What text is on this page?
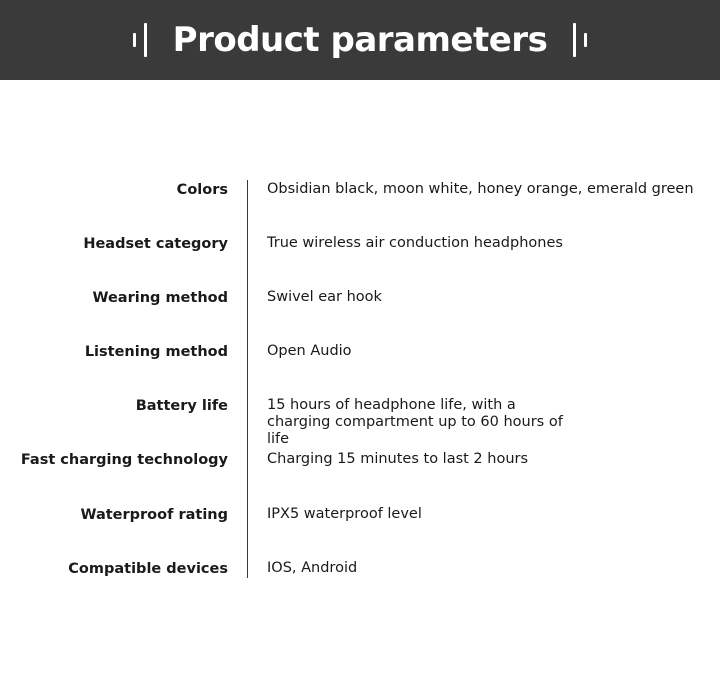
Product parameters
Colors	Obsidian black, moon white, honey orange, emerald green
Headset category	True wireless air conduction headphones
Wearing method	Swivel ear hook
Listening method	Open Audio
Battery life	15 hours of headphone life, with a charging compartment up to 60 hours of life
Fast charging technology	Charging 15 minutes to last 2 hours
Waterproof rating	IPX5 waterproof level
Compatible devices	IOS, Android
